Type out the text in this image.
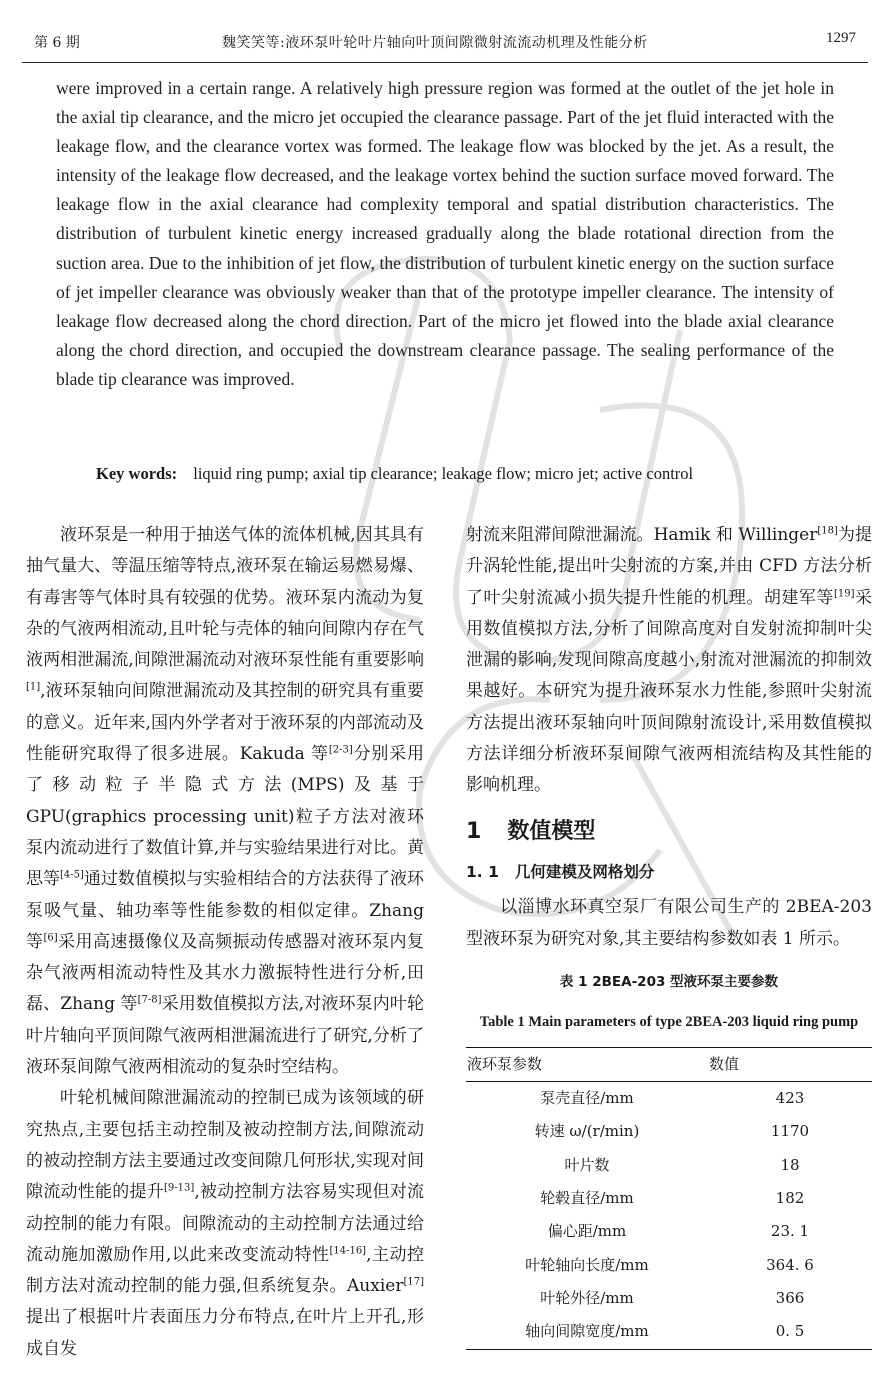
第 6 期	魏笑笑等:液环泵叶轮叶片轴向叶顶间隙微射流流动机理及性能分析	1297
were improved in a certain range. A relatively high pressure region was formed at the outlet of the jet hole in the axial tip clearance, and the micro jet occupied the clearance passage. Part of the jet fluid interacted with the leakage flow, and the clearance vortex was formed. The leakage flow was blocked by the jet. As a result, the intensity of the leakage flow decreased, and the leakage vortex behind the suction surface moved forward. The leakage flow in the axial clearance had complexity temporal and spatial distribution characteristics. The distribution of turbulent kinetic energy increased gradually along the blade rotational direction from the suction area. Due to the inhibition of jet flow, the distribution of turbulent kinetic energy on the suction surface of jet impeller clearance was obviously weaker than that of the prototype impeller clearance. The intensity of leakage flow decreased along the chord direction. Part of the micro jet flowed into the blade axial clearance along the chord direction, and occupied the downstream clearance passage. The sealing performance of the blade tip clearance was improved.
Key words: liquid ring pump; axial tip clearance; leakage flow; micro jet; active control

液环泵是一种用于抽送气体的流体机械,因其具有抽气量大、等温压缩等特点,液环泵在输运易燃易爆、有毒害等气体时具有较强的优势。液环泵内流动为复杂的气液两相流动,且叶轮与壳体的轴向间隙内存在气液两相泄漏流,间隙泄漏流动对液环泵性能有重要影响[1],液环泵轴向间隙泄漏流动及其控制的研究具有重要的意义。近年来,国内外学者对于液环泵的内部流动及性能研究取得了很多进展。Kakuda 等[2-3]分别采用了移动粒子半隐式方法(MPS)及基于 GPU(graphics processing unit)粒子方法对液环泵内流动进行了数值计算,并与实验结果进行对比。黄思等[4-5]通过数值模拟与实验相结合的方法获得了液环泵吸气量、轴功率等性能参数的相似定律。Zhang 等[6]采用高速摄像仪及高频振动传感器对液环泵内复杂气液两相流动特性及其水力激振特性进行分析,田磊、Zhang 等[7-8]采用数值模拟方法,对液环泵内叶轮叶片轴向平顶间隙气液两相泄漏流进行了研究,分析了液环泵间隙气液两相流动的复杂时空结构。

叶轮机械间隙泄漏流动的控制已成为该领域的研究热点,主要包括主动控制及被动控制方法,间隙流动的被动控制方法主要通过改变间隙几何形状,实现对间隙流动性能的提升[9-13],被动控制方法容易实现但对流动控制的能力有限。间隙流动的主动控制方法通过给流动施加激励作用,以此来改变流动特性[14-16],主动控制方法对流动控制的能力强,但系统复杂。Auxier[17]提出了根据叶片表面压力分布特点,在叶片上开孔,形成自发

射流来阻滞间隙泄漏流。Hamik 和 Willinger[18]为提升涡轮性能,提出叶尖射流的方案,并由 CFD 方法分析了叶尖射流减小损失提升性能的机理。胡建军等[19]采用数值模拟方法,分析了间隙高度对自发射流抑制叶尖泄漏的影响,发现间隙高度越小,射流对泄漏流的抑制效果越好。本研究为提升液环泵水力性能,参照叶尖射流方法提出液环泵轴向叶顶间隙射流设计,采用数值模拟方法详细分析液环泵间隙气液两相流结构及其性能的影响机理。

1 数值模型
1. 1 几何建模及网格划分

以淄博水环真空泵厂有限公司生产的 2BEA-203 型液环泵为研究对象,其主要结构参数如表 1 所示。

表 1 2BEA-203 型液环泵主要参数
Table 1 Main parameters of type 2BEA-203 liquid ring pump
液环泵参数	数值
泵壳直径/mm	423
转速 ω/(r/min)	1170
叶片数	18
轮毂直径/mm	182
偏心距/mm	23. 1
叶轮轴向长度/mm	364. 6
叶轮外径/mm	366
轴向间隙宽度/mm	0. 5
